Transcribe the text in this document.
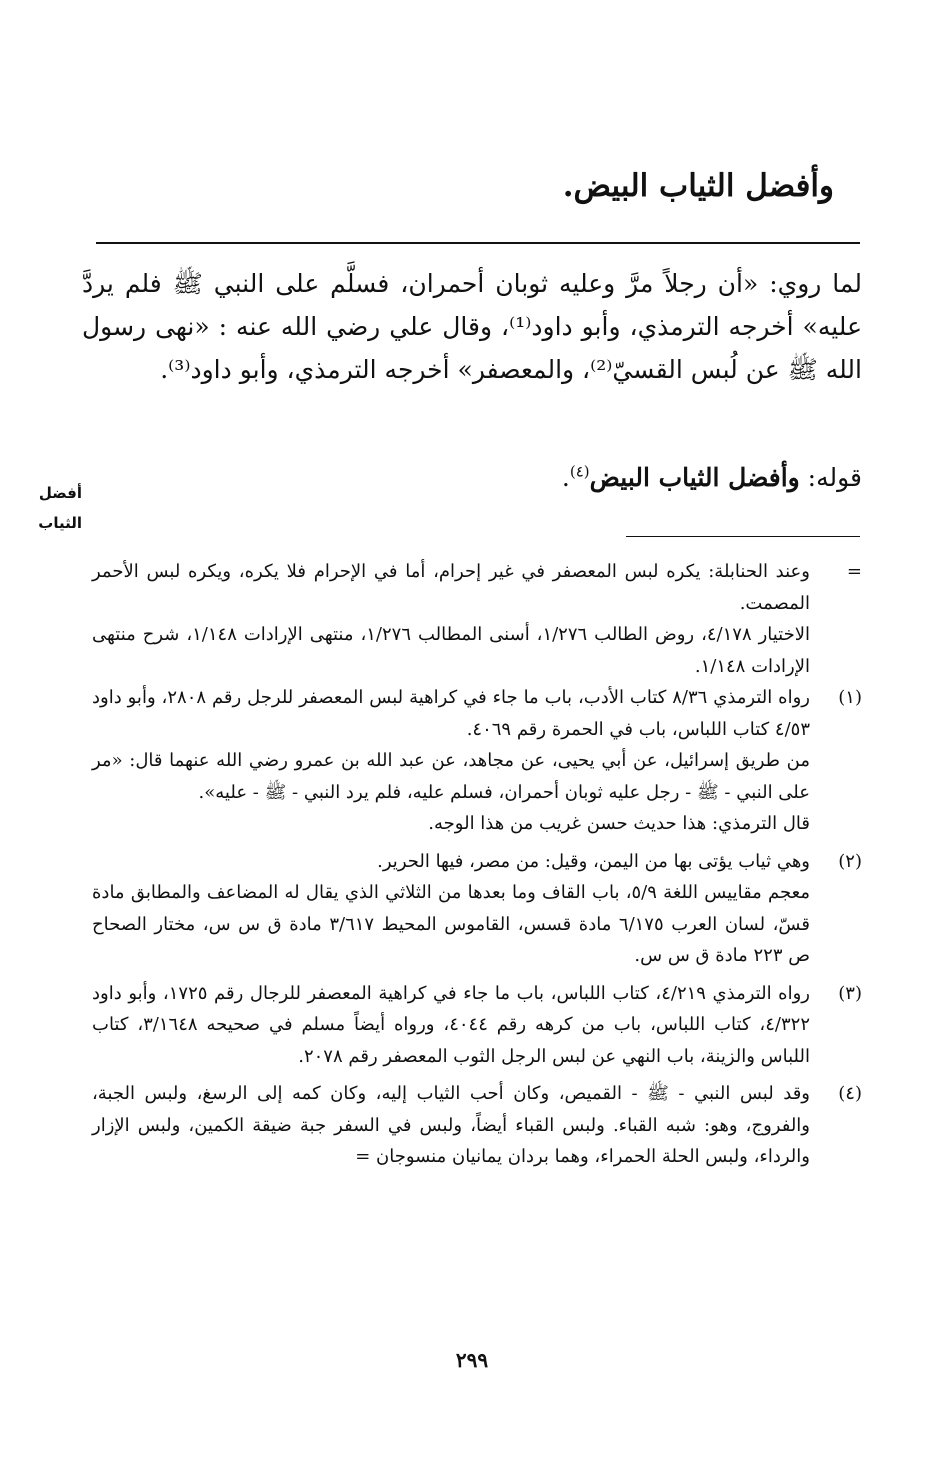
وأفضل الثياب البيض.

لما روي: «أن رجلاً مرَّ وعليه ثوبان أحمران، فسلَّم على النبي ﷺ فلم يردَّ عليه» أخرجه الترمذي، وأبو داود⁽¹⁾، وقال علي رضي الله عنه : «نهى رسول الله ﷺ عن لُبس القسيّ⁽²⁾، والمعصفر» أخرجه الترمذي، وأبو داود⁽³⁾.

قوله: وأفضل الثياب البيض$^{(٤)}$.
أفضل
الثياب
=

وعند الحنابلة: يكره لبس المعصفر في غير إحرام، أما في الإحرام فلا يكره، ويكره لبس الأحمر المصمت.

الاختيار ٤/١٧٨، روض الطالب ١/٢٧٦، أسنى المطالب ١/٢٧٦، منتهى الإرادات ١/١٤٨، شرح منتهى الإرادات ١/١٤٨.

(١)

رواه الترمذي ٨/٣٦ كتاب الأدب، باب ما جاء في كراهية لبس المعصفر للرجل رقم ٢٨٠٨، وأبو داود ٤/٥٣ كتاب اللباس، باب في الحمرة رقم ٤٠٦٩.

من طريق إسرائيل، عن أبي يحيى، عن مجاهد، عن عبد الله بن عمرو رضي الله عنهما قال: «مر على النبي - ﷺ - رجل عليه ثوبان أحمران، فسلم عليه، فلم يرد النبي - ﷺ - عليه».

قال الترمذي: هذا حديث حسن غريب من هذا الوجه.

(٢)

وهي ثياب يؤتى بها من اليمن، وقيل: من مصر، فيها الحرير.

معجم مقاييس اللغة ٥/٩، باب القاف وما بعدها من الثلاثي الذي يقال له المضاعف والمطابق مادة قسّ، لسان العرب ٦/١٧٥ مادة قسس، القاموس المحيط ٣/٦١٧ مادة ق س س، مختار الصحاح ص ٢٢٣ مادة ق س س.

(٣)

رواه الترمذي ٤/٢١٩، كتاب اللباس، باب ما جاء في كراهية المعصفر للرجال رقم ١٧٢٥، وأبو داود ٤/٣٢٢، كتاب اللباس، باب من كرهه رقم ٤٠٤٤، ورواه أيضاً مسلم في صحيحه ٣/١٦٤٨، كتاب اللباس والزينة، باب النهي عن لبس الرجل الثوب المعصفر رقم ٢٠٧٨.

(٤)

وقد لبس النبي - ﷺ - القميص، وكان أحب الثياب إليه، وكان كمه إلى الرسغ، ولبس الجبة، والفروج، وهو: شبه القباء. ولبس القباء أيضاً، ولبس في السفر جبة ضيقة الكمين، ولبس الإزار والرداء، ولبس الحلة الحمراء، وهما بردان يمانيان منسوجان =

٢٩٩
